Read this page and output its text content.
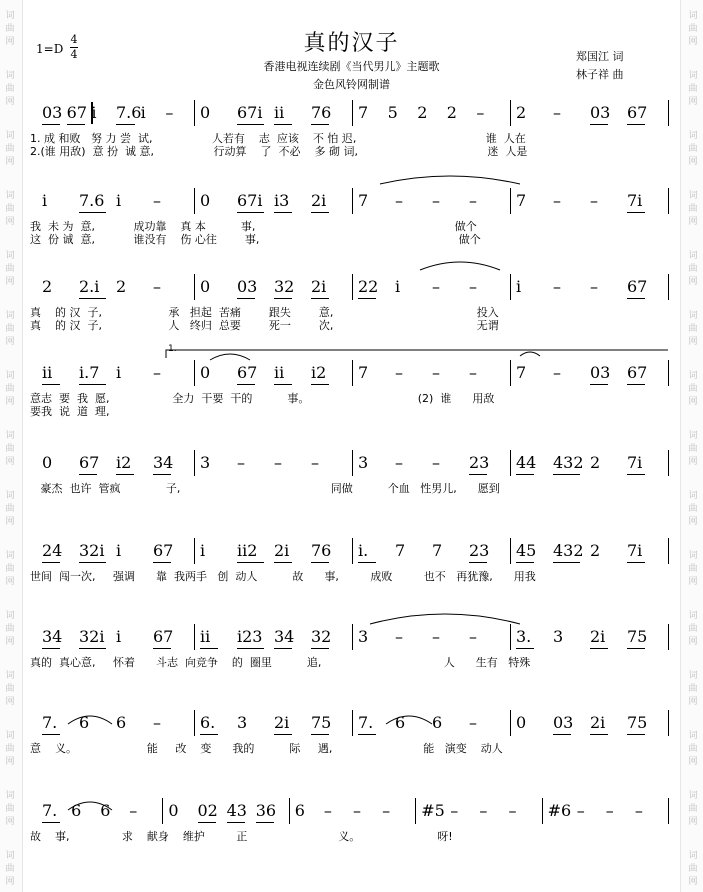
词
曲
网
词
曲
网
词
曲
网
词
曲
网
词
曲
网
词
曲
网
词
曲
网
词
曲
网
词
曲
网
词
曲
网
词
曲
网
词
曲
网
词
曲
网
词
曲
网
词
曲
网
词
曲
网
词
曲
网
词
曲
网
词
曲
网
词
曲
网
词
曲
网
词
曲
网
词
曲
网
词
曲
网
词
曲
网
词
曲
网
词
曲
网
词
曲
网
词
曲
网
词
曲
网
1=D
4
4	真的汉子
香港电视连续剧《当代男儿》主题歌
金色风铃网制谱
郑国江 词
林子祥 曲
03 67 i 7.6 i – 0 67i ii 76 7 5 2 2 – 2 – 03 67
1. 成 和败   努 力 尝  试,                 人若有    志  应该    不 怕 迟,                                     谁  人在
2.(谁 用敌)  意 扮  诚 意,                 行动算    了  不必    多 砌 词,                                     迷  人是
i 7.6 i – 0 67i i3 2i 7 – – – 7 – – 7i
我  未 为  意,           成功靠    真 本          事,                                                         做个
这  份 诚  意,           谁没有    伤 心往        事,                                                         做个
2 2.i 2 – 0 03 32 2i 22 i – – i – – 67
真    的 汉  子,                   承   担起  苦痛        跟失        意,                                         投入
真    的 汉  子,                   人   终归  总要        死一        次,                                         无谓
ii i.7 i – 0 67 ii i2 7 – – – 7 – 03 67
意志  要  我  愿,                  全力  干要  干的          事。                               (2)  谁      用敌
要我  说  道  理,
1.
0 67 i2 34 3 – – – 3 – – 23 44 432 2 7i
豪杰  也许  管疯             子,                                           同做          个血   性男儿,      愿到
24 32i i 67 i ii2 2i 76 i. 7 7 23 45 432 2 7i
世间  闯一次,     强调      靠  我两手   创  动人          故      事,         成败         也不   再犹豫,      用我
34 32i i 67 ii i23 34 32 3 – – – 3. 3 2i 75
真的  真心意,     怀着      斗志  向竞争    的  圈里          追,                                   人      生有   特殊
7. 6 6 – 6. 3 2i 75 7. 6 6 – 0 03 2i 75
意    义。                    能     改    变      我的          际     遇,                          能   演变    动人
7. 6 6 – 0 02 43 36 6 – – – #5 – – – #6 – – –
故    事,               求    献身    维护         正                          义。                      呀!
